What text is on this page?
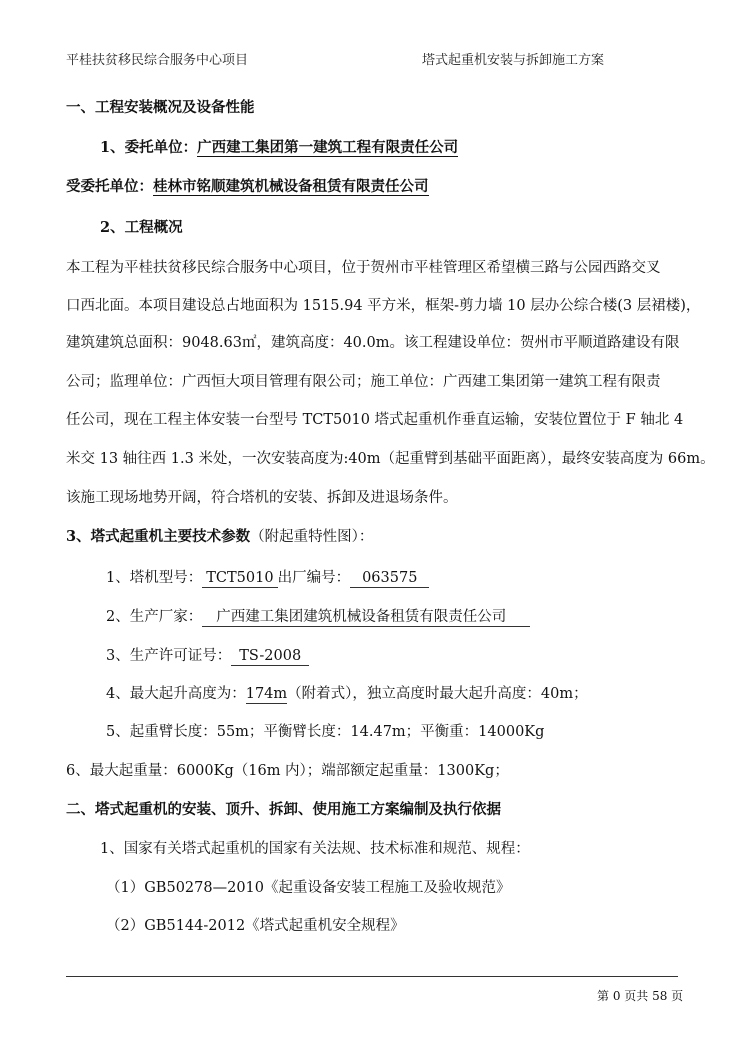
平桂扶贫移民综合服务中心项目	塔式起重机安装与拆卸施工方案
一、工程安装概况及设备性能
1、委托单位：广西建工集团第一建筑工程有限责任公司
受委托单位：桂林市铭顺建筑机械设备租赁有限责任公司
2、工程概况
本工程为平桂扶贫移民综合服务中心项目，位于贺州市平桂管理区希望横三路与公园西路交叉
口西北面。本项目建设总占地面积为 1515.94 平方米，框架-剪力墙 10 层办公综合楼(3 层裙楼)，
建筑建筑总面积：9048.63㎡，建筑高度：40.0m。该工程建设单位：贺州市平顺道路建设有限
公司；监理单位：广西恒大项目管理有限公司；施工单位：广西建工集团第一建筑工程有限责
任公司，现在工程主体安装一台型号 TCT5010 塔式起重机作垂直运输，安装位置位于 F 轴北 4
米交 13 轴往西 1.3 米处，一次安装高度为:40m（起重臂到基础平面距离），最终安装高度为 66m。
该施工现场地势开阔，符合塔机的安装、拆卸及进退场条件。
3、塔式起重机主要技术参数（附起重特性图）：
1、塔机型号： TCT5010 出厂编号： 063575
2、生产厂家： 广西建工集团建筑机械设备租赁有限责任公司
3、生产许可证号： TS-2008
4、最大起升高度为：174m（附着式），独立高度时最大起升高度：40m；
5、起重臂长度：55m；平衡臂长度：14.47m；平衡重：14000Kg
6、最大起重量：6000Kg（16m 内）；端部额定起重量：1300Kg；
二、塔式起重机的安装、顶升、拆卸、使用施工方案编制及执行依据
1、国家有关塔式起重机的国家有关法规、技术标准和规范、规程：
（1）GB50278—2010《起重设备安装工程施工及验收规范》
（2）GB5144-2012《塔式起重机安全规程》
第 0 页共 58 页
